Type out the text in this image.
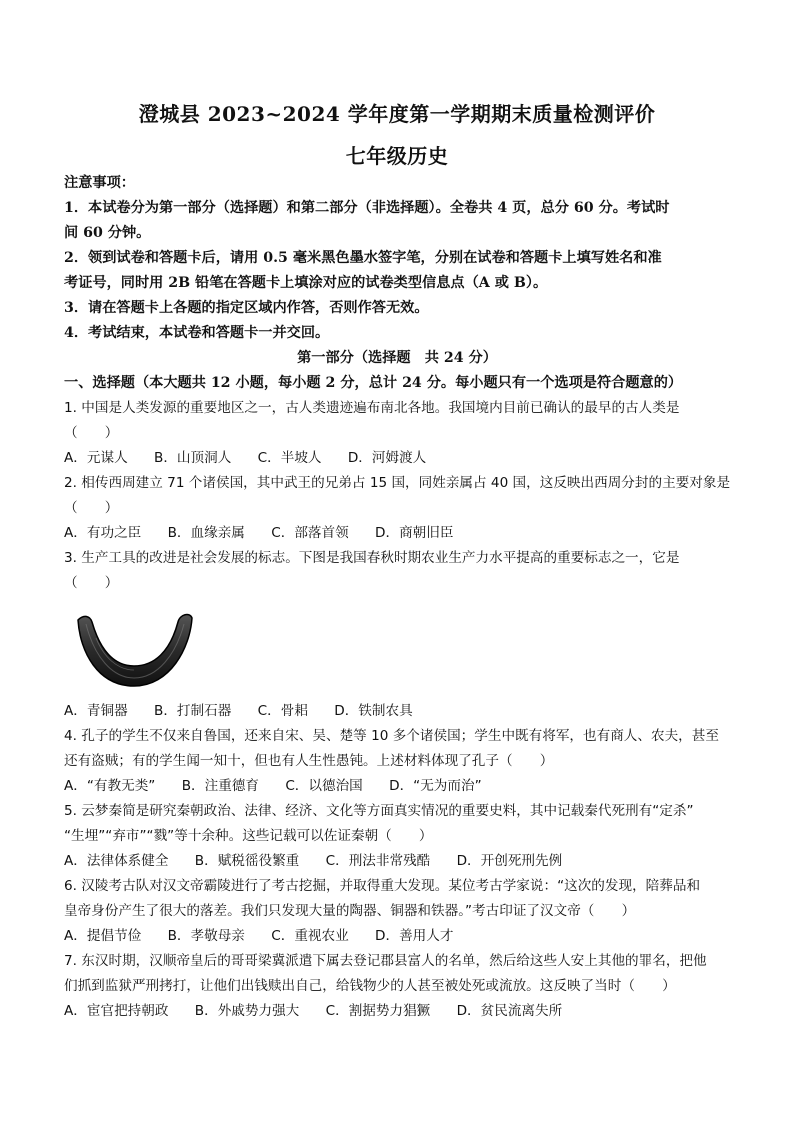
澄城县 2023~2024 学年度第一学期期末质量检测评价
七年级历史
注意事项：
1．本试卷分为第一部分（选择题）和第二部分（非选择题）。全卷共 4 页，总分 60 分。考试时
间 60 分钟。
2．领到试卷和答题卡后，请用 0.5 毫米黑色墨水签字笔，分别在试卷和答题卡上填写姓名和准
考证号，同时用 2B 铅笔在答题卡上填涂对应的试卷类型信息点（A 或 B）。
3．请在答题卡上各题的指定区域内作答，否则作答无效。
4．考试结束，本试卷和答题卡一并交回。
第一部分（选择题　共 24 分）
一、选择题（本大题共 12 小题，每小题 2 分，总计 24 分。每小题只有一个选项是符合题意的）
1. 中国是人类发源的重要地区之一，古人类遗迹遍布南北各地。我国境内目前已确认的最早的古人类是
（　　）
A．元谋人 B．山顶洞人 C．半坡人 D．河姆渡人
2. 相传西周建立 71 个诸侯国，其中武王的兄弟占 15 国，同姓亲属占 40 国，这反映出西周分封的主要对象是
（　　）
A．有功之臣 B．血缘亲属 C．部落首领 D．商朝旧臣
3. 生产工具的改进是社会发展的标志。下图是我国春秋时期农业生产力水平提高的重要标志之一，它是
（　　）
A．青铜器 B．打制石器 C．骨耜 D．铁制农具
4. 孔子的学生不仅来自鲁国，还来自宋、吴、楚等 10 多个诸侯国；学生中既有将军，也有商人、农夫，甚至
还有盗贼；有的学生闻一知十，但也有人生性愚钝。上述材料体现了孔子（　　）
A．“有教无类” B．注重德育 C．以德治国 D．“无为而治”
5. 云梦秦简是研究秦朝政治、法律、经济、文化等方面真实情况的重要史料，其中记载秦代死刑有“定杀”
“生埋”“弃市”“戮”等十余种。这些记载可以佐证秦朝（　　）
A．法律体系健全 B．赋税徭役繁重 C．刑法非常残酷 D．开创死刑先例
6. 汉陵考古队对汉文帝霸陵进行了考古挖掘，并取得重大发现。某位考古学家说：“这次的发现，陪葬品和
皇帝身份产生了很大的落差。我们只发现大量的陶器、铜器和铁器。”考古印证了汉文帝（　　）
A．提倡节俭 B．孝敬母亲 C．重视农业 D．善用人才
7. 东汉时期，汉顺帝皇后的哥哥梁冀派遣下属去登记郡县富人的名单，然后给这些人安上其他的罪名，把他
们抓到监狱严刑拷打，让他们出钱赎出自己，给钱物少的人甚至被处死或流放。这反映了当时（　　）
A．宦官把持朝政 B．外戚势力强大 C．割据势力猖獗 D．贫民流离失所
